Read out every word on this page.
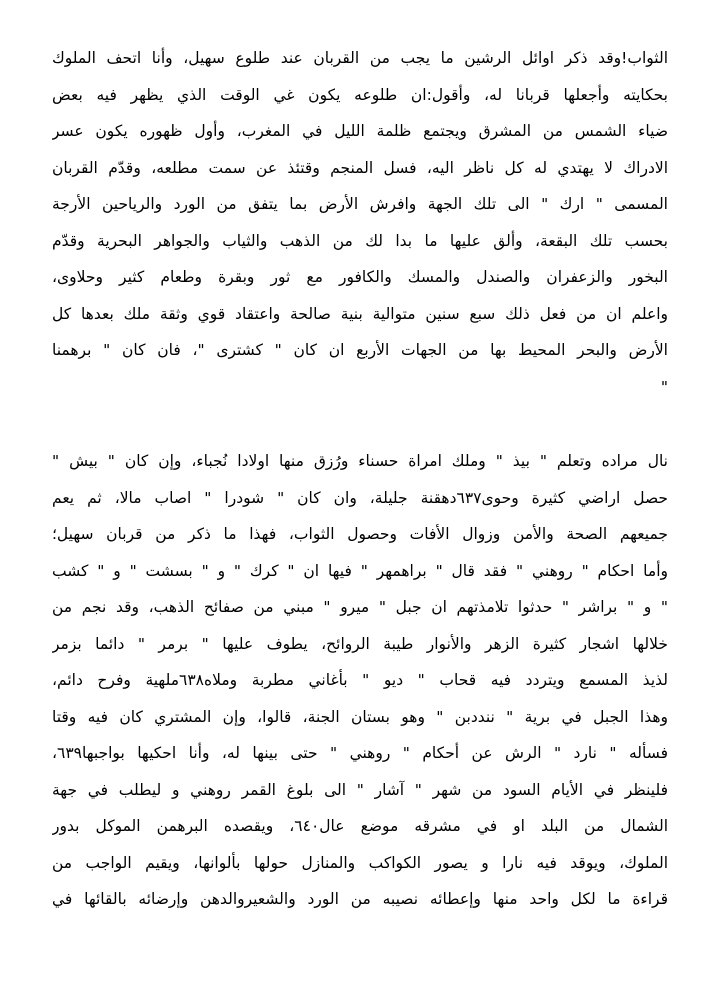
الثواب!وقد ذكر اوائل الرشين ما يجب من القربان عند طلوع سهيل، وأنا اتحف الملوك
بحكايته وأجعلها قربانا له، وأقول:ان طلوعه يكون غي الوقت الذي يظهر فيه بعض
ضياء الشمس من المشرق ويجتمع ظلمة الليل في المغرب، وأول ظهوره يكون عسر
الادراك لا يهتدي له كل ناظر اليه، فسل المنجم وقتئذ عن سمت مطلعه، وقدّم القربان
المسمى " ارك " الى تلك الجهة وافرش الأرض بما يتفق من الورد والرياحين الأرجة
بحسب تلك البقعة، وألق عليها ما بدا لك من الذهب والثياب والجواهر البحرية وقدّم
البخور والزعفران والصندل والمسك والكافور مع ثور وبقرة وطعام كثير وحلاوى،
واعلم ان من فعل ذلك سبع سنين متوالية بنية صالحة واعتقاد قوي وثقة ملك بعدها كل
الأرض والبحر المحيط بها من الجهات الأربع ان كان " كشترى "، فان كان " برهمنا
"
نال مراده وتعلم " بيذ " وملك امراة حسناء ورُزق منها اولادا نُجباء، وإن كان " بيش "
حصل اراضي كثيرة وحوى٦٣٧دهقنة جليلة، وان كان " شودرا " اصاب مالا، ثم يعم
جميعهم الصحة والأمن وزوال الأفات وحصول الثواب، فهذا ما ذكر من قربان سهيل؛
وأما احكام " روهني " فقد قال " براهمهر " فيها ان " كرك " و " بسشت " و " كشب
" و " براشر " حدثوا تلامذتهم ان جبل " ميرو " مبني من صفائح الذهب، وقد نجم من
خلالها اشجار كثيرة الزهر والأنوار طيبة الروائح، يطوف عليها " برمر " دائما بزمر
لذيذ المسمع ويتردد فيه قحاب " ديو " بأغاني مطربة وملاه٦٣٨ملهية وفرح دائم،
وهذا الجبل في برية " ننددبن " وهو بستان الجنة، قالوا، وإن المشتري كان فيه وقتا
فسأله " نارد " الرش عن أحكام " روهني " حتى بينها له، وأنا احكيها بواجبها٦٣٩،
فلينظر في الأيام السود من شهر " آشار " الى بلوغ القمر روهني و ليطلب في جهة
الشمال من البلد او في مشرقه موضع عال٦٤٠، ويقصده البرهمن الموكل بدور
الملوك، ويوقد فيه نارا و يصور الكواكب والمنازل حولها بألوانها، ويقيم الواجب من
قراءة ما لكل واحد منها وإعطائه نصيبه من الورد والشعيروالدهن وإرضائه بالقائها في
